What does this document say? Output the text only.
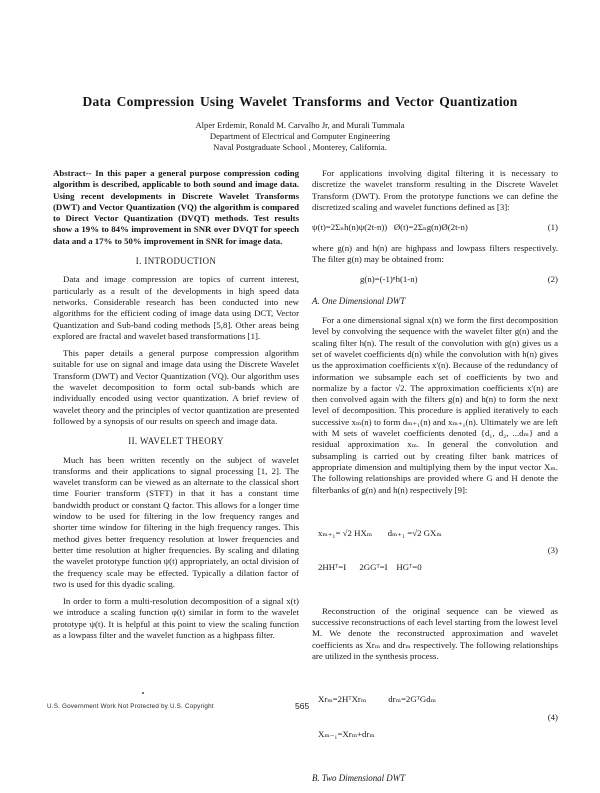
Data Compression Using Wavelet Transforms and Vector Quantization
Alper Erdemir, Ronald M. Carvalho Jr, and Murali Tummala
Department of Electrical and Computer Engineering
Naval Postgraduate School , Monterey, California.

Abstract-- In this paper a general purpose compression coding algorithm is described, applicable to both sound and image data. Using recent developments in Discrete Wavelet Transforms (DWT) and Vector Quantization (VQ) the algorithm is compared to Direct Vector Quantization (DVQT) methods. Test results show a 19% to 84% improvement in SNR over DVQT for speech data and a 17% to 50% improvement in SNR for image data.

I. INTRODUCTION

Data and image compression are topics of current interest, particularly as a result of the developments in high speed data networks. Considerable research has been conducted into new algorithms for the efficient coding of image data using DCT, Vector Quantization and Sub-band coding methods [5,8]. Other areas being explored are fractal and wavelet based transformations [1].

This paper details a general purpose compression algorithm suitable for use on signal and image data using the Discrete Wavelet Transform (DWT) and Vector Quantization (VQ). Our algorithm uses the wavelet decomposition to form octal sub-bands which are individually encoded using vector quantization. A brief review of wavelet theory and the principles of vector quantization are presented followed by a synopsis of our results on speech and image data.

II. WAVELET THEORY

Much has been written recently on the subject of wavelet transforms and their applications to signal processing [1, 2]. The wavelet transform can be viewed as an alternate to the classical short time Fourier transform (STFT) in that it has a constant time bandwidth product or constant Q factor. This allows for a longer time window to be used for filtering in the low frequency ranges and shorter time window for filtering in the high frequency ranges. This method gives better frequency resolution at lower frequencies and better time resolution at higher frequencies. By scaling and dilating the wavelet prototype function ψ(t) appropriately, an octal division of the frequency scale may be effected. Typically a dilation factor of two is used for this dyadic scaling.

In order to form a multi-resolution decomposition of a signal x(t) we introduce a scaling function φ(t) similar in form to the wavelet prototype ψ(t). It is helpful at this point to view the scaling function as a lowpass filter and the wavelet function as a highpass filter.

For applications involving digital filtering it is necessary to discretize the wavelet transform resulting in the Discrete Wavelet Transform (DWT). From the prototype functions we can define the discretized scaling and wavelet functions defined as [3]:

ψ(t)=2Σₙh(n)ψ(2t-n))   Ø(t)=2Σₙg(n)Ø(2t-n)	(1)

where g(n) and h(n) are highpass and lowpass filters respectively. The filter g(n) may be obtained from:

g(n)=(-1)ⁿh(1-n)	(2)
A. One Dimensional DWT

For a one dimensional signal x(n) we form the first decomposition level by convolving the sequence with the wavelet filter g(n) and the scaling filter h(n). The result of the convolution with g(n) gives us a set of wavelet coefficients d(n) while the convolution with h(n) gives us the approximation coefficients x'(n). Because of the redundancy of information we subsample each set of coefficients by two and normalize by a factor √2. The approximation coefficients x'(n) are then convolved again with the filters g(n) and h(n) to form the next level of decomposition. This procedure is applied iteratively to each successive xₘ(n) to form dₘ₊₁(n) and xₘ₊₁(n). Ultimately we are left with M sets of wavelet coefficients denoted {d₁, d₂, ...dₘ} and a residual approximation xₘ. In general the convolution and subsampling is carried out by creating filter bank matrices of appropriate dimension and multiplying them by the input vector Xₘ. The following relationships are provided where G and H denote the filterbanks of g(n) and h(n) respectively [9]:

xₘ₊₁= √2 HXₘ       dₘ₊₁ =√2 GXₘ

2HHᵀ=I      2GGᵀ=I    HGᵀ=0

(3)

Reconstruction of the original sequence can be viewed as successive reconstructions of each level starting from the lowest level M. We denote the reconstructed approximation and wavelet coefficients as Xrₘ and drₘ respectively. The following relationships are utilized in the synthesis process.

Xrₘ=2HᵀXrₘ          drₘ=2GᵀGdₘ

Xₘ₋₁=Xrₘ+drₘ

(4)
B. Two Dimensional DWT
U.S. Government Work Not Protected by U.S. Copyright	565
